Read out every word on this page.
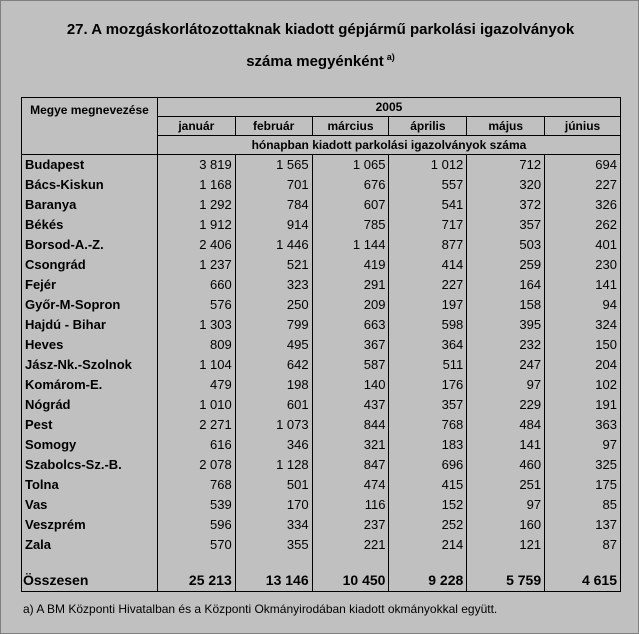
27. A mozgáskorlátozottaknak kiadott gépjármű parkolási igazolványok
száma megyénként $^{a)}$
Megye megnevezése	2005					
	január	február	március	április	május	június
	hónapban kiadott parkolási igazolványok száma					
Budapest	3 819	1 565	1 065	1 012	712	694
Bács-Kiskun	1 168	701	676	557	320	227
Baranya	1 292	784	607	541	372	326
Békés	1 912	914	785	717	357	262
Borsod-A.-Z.	2 406	1 446	1 144	877	503	401
Csongrád	1 237	521	419	414	259	230
Fejér	660	323	291	227	164	141
Győr-M-Sopron	576	250	209	197	158	94
Hajdú - Bihar	1 303	799	663	598	395	324
Heves	809	495	367	364	232	150
Jász-Nk.-Szolnok	1 104	642	587	511	247	204
Komárom-E.	479	198	140	176	97	102
Nógrád	1 010	601	437	357	229	191
Pest	2 271	1 073	844	768	484	363
Somogy	616	346	321	183	141	97
Szabolcs-Sz.-B.	2 078	1 128	847	696	460	325
Tolna	768	501	474	415	251	175
Vas	539	170	116	152	97	85
Veszprém	596	334	237	252	160	137
Zala	570	355	221	214	121	87

Összesen	25 213	13 146	10 450	9 228	5 759	4 615
a) A BM Központi Hivatalban és a Központi Okmányirodában kiadott okmányokkal együtt.
